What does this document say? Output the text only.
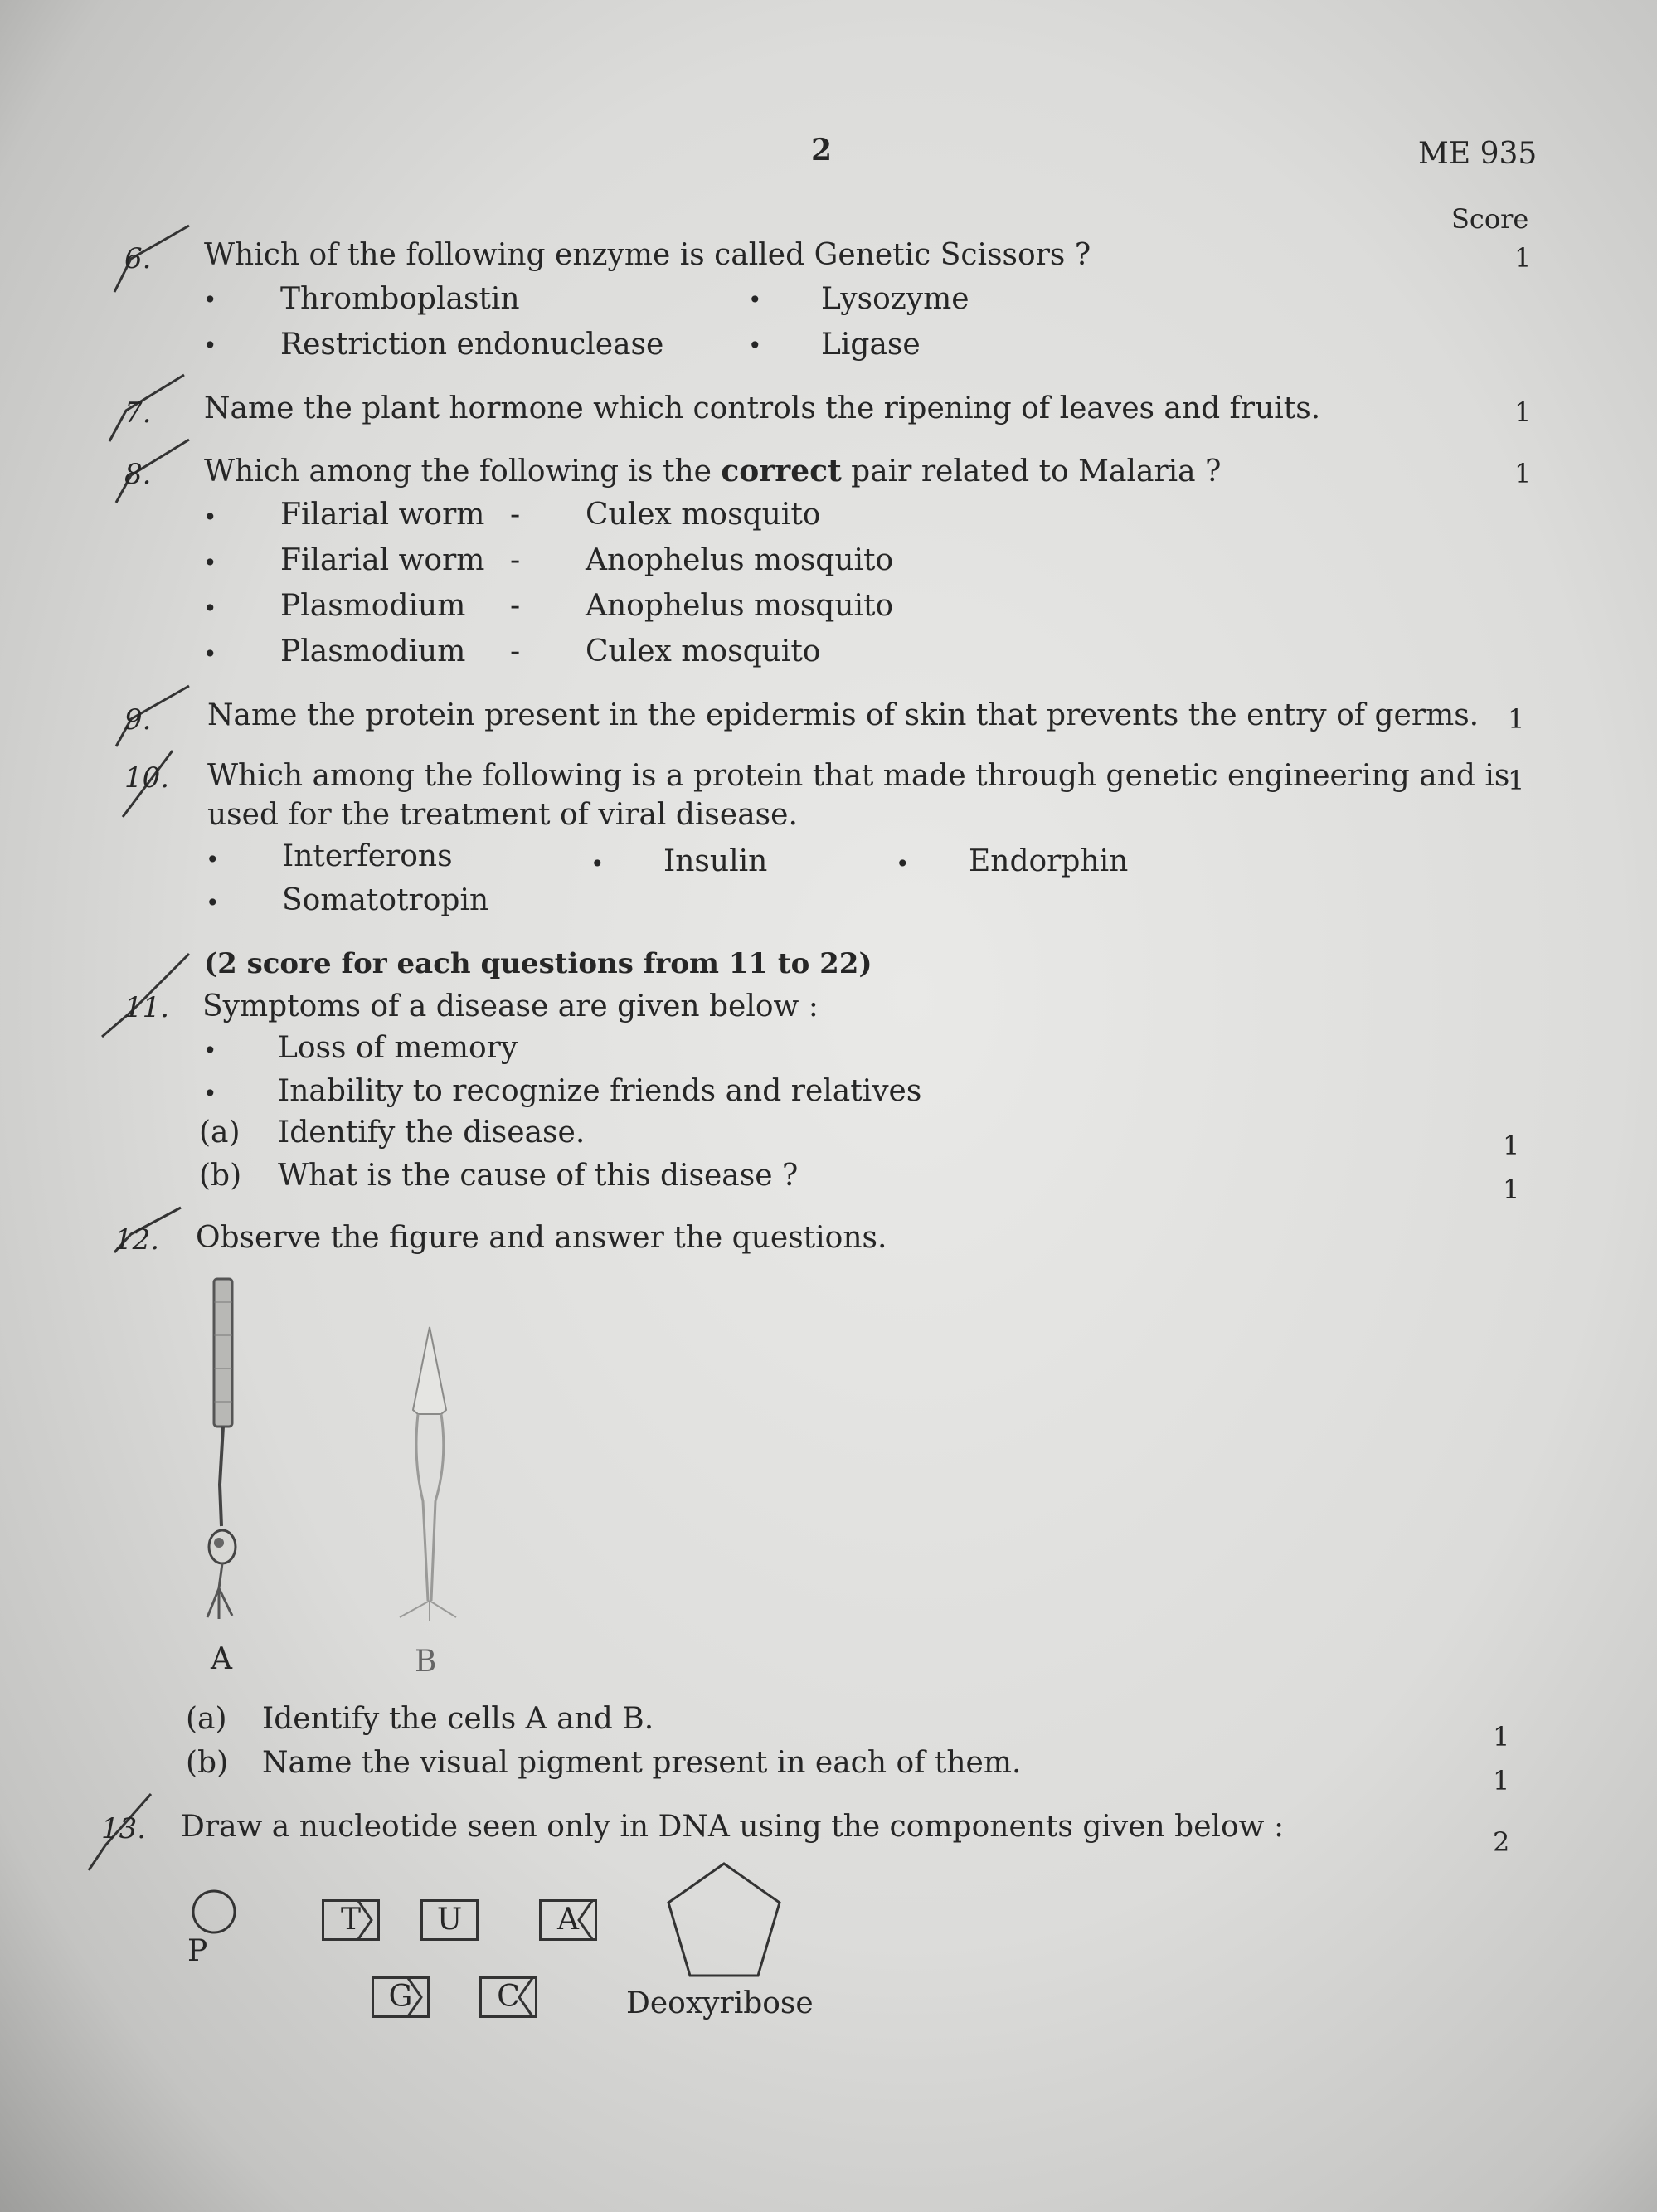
2	ME 935
Score
6. Which of the following enzyme is called Genetic Scissors ?	1
• Thromboplastin	• Lysozyme
• Restriction endonuclease	• Ligase
7. Name the plant hormone which controls the ripening of leaves and fruits.	1
8. Which among the following is the correct pair related to Malaria ?	1
• Filarial worm - Culex mosquito
• Filarial worm - Anophelus mosquito
• Plasmodium - Anophelus mosquito
• Plasmodium - Culex mosquito
9. Name the protein present in the epidermis of skin that prevents the entry of germs. 1
10. Which among the following is a protein that made through genetic engineering and is
used for the treatment of viral disease.
1
• Interferons	• Insulin	• Endorphin
• Somatotropin
(2 score for each questions from 11 to 22)
11. Symptoms of a disease are given below :
• Loss of memory
• Inability to recognize friends and relatives
(a) Identify the disease.	1
(b) What is the cause of this disease ?	1
12. Observe the figure and answer the questions.
A	B
(a) Identify the cells A and B.
1
(b) Name the visual pigment present in each of them.
1
13. Draw a nucleotide seen only in DNA using the components given below :	2
P
T	U	A
G	C	Deoxyribose
